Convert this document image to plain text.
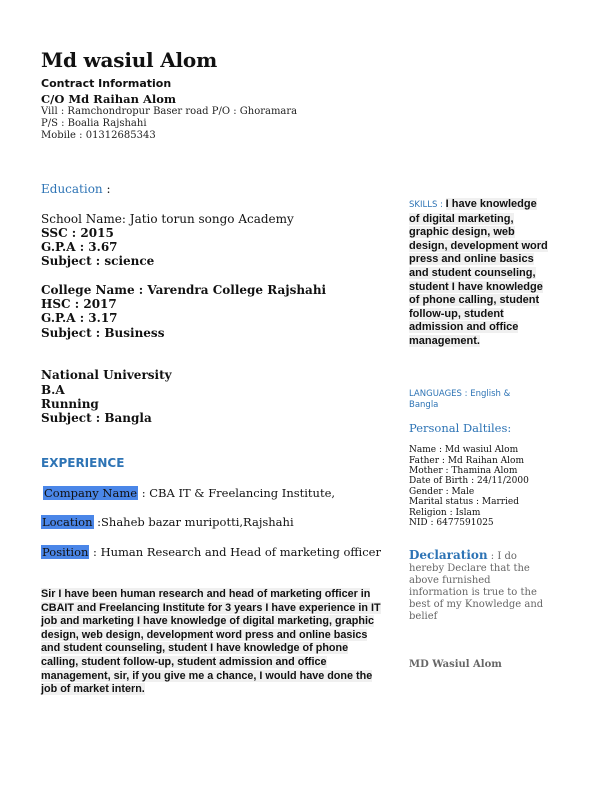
Md wasiul Alom
Contract Information
C/O Md Raihan Alom
Vill : Ramchondropur Baser road P/O : Ghoramara
P/S : Boalia Rajshahi
Mobile : 01312685343
Education :
School Name: Jatio torun songo Academy
SSC : 2015
G.P.A : 3.67
Subject : science
College Name : Varendra College Rajshahi
HSC : 2017
G.P.A : 3.17
Subject : Business
National University
B.A
Running
Subject : Bangla
EXPERIENCE
Company Name : CBA IT & Freelancing Institute,
Location :Shaheb bazar muripotti,Rajshahi
Position : Human Research and Head of marketing officer
Sir I have been human research and head of marketing officer in CBAIT and Freelancing Institute for 3 years I have experience in IT job and marketing I have knowledge of digital marketing, graphic design, web design, development word press and online basics and student counseling, student I have knowledge of phone calling, student follow-up, student admission and office management, sir, if you give me a chance, I would have done the job of market intern.
SKILLS : I have knowledge of digital marketing, graphic design, web design, development word press and online basics and student counseling, student I have knowledge of phone calling, student follow-up, student admission and office management.
LANGUAGES : English & Bangla
Personal Daltiles:
Name : Md wasiul Alom
Father : Md Raihan Alom
Mother : Thamina Alom
Date of Birth : 24/11/2000
Gender : Male
Marital status : Married
Religion : Islam
NID : 6477591025
Declaration : I do hereby Declare that the above furnished information is true to the best of my Knowledge and belief
MD Wasiul Alom
